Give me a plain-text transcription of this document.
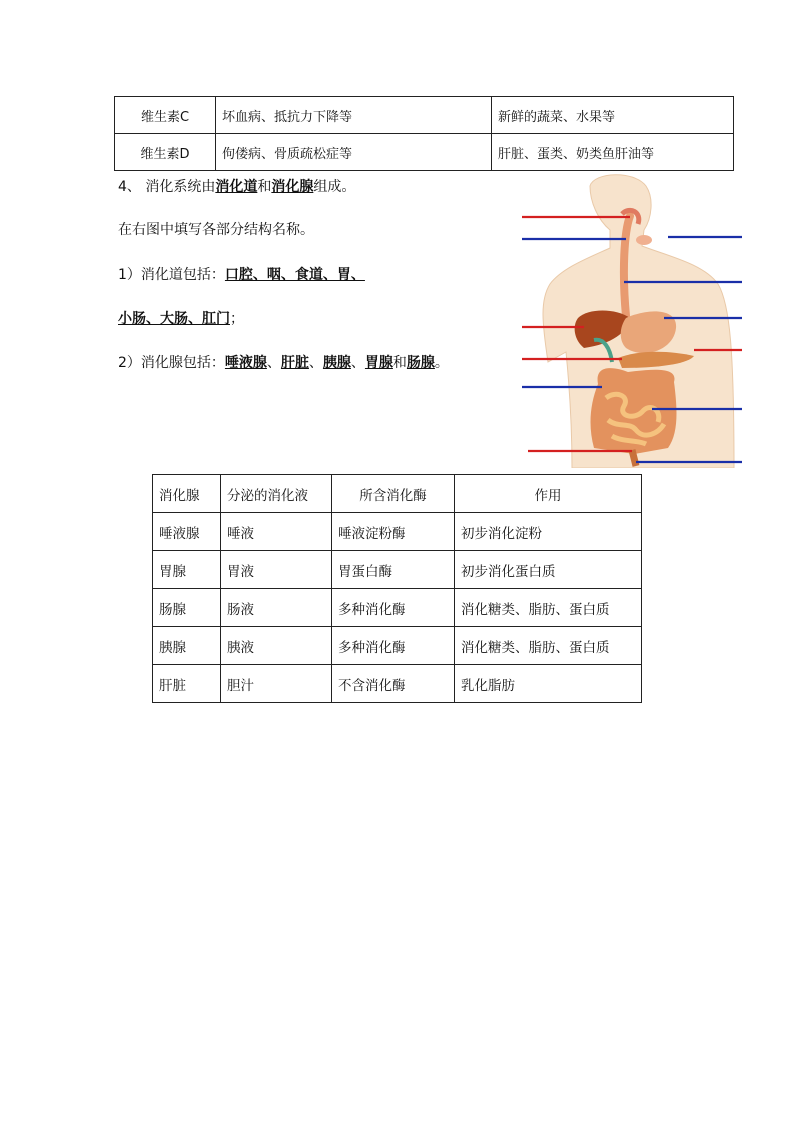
维生素C	坏血病、抵抗力下降等	新鲜的蔬菜、水果等
维生素D	佝偻病、骨质疏松症等	肝脏、蛋类、奶类鱼肝油等
4、 消化系统由消化道和消化腺组成。
在右图中填写各部分结构名称。
1）消化道包括：口腔、咽、食道、胃、
小肠、大肠、肛门；
2）消化腺包括：唾液腺、肝脏、胰腺、胃腺和肠腺。
消化腺	分泌的消化液	所含消化酶	作用
唾液腺	唾液	唾液淀粉酶	初步消化淀粉
胃腺	胃液	胃蛋白酶	初步消化蛋白质
肠腺	肠液	多种消化酶	消化糖类、脂肪、蛋白质
胰腺	胰液	多种消化酶	消化糖类、脂肪、蛋白质
肝脏	胆汁	不含消化酶	乳化脂肪
